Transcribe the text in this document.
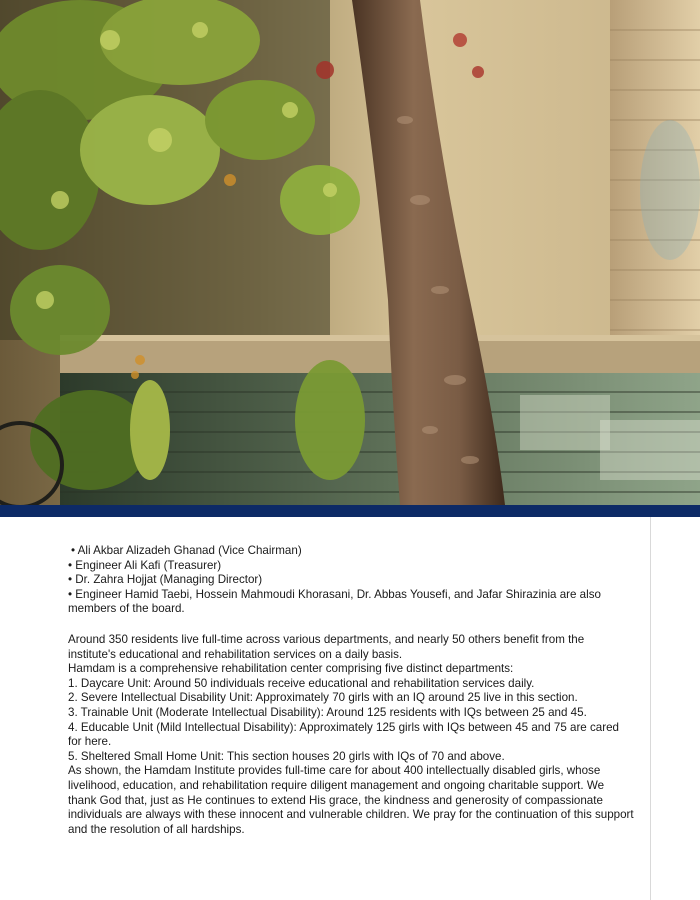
• Ali Akbar Alizadeh Ghanad (Vice Chairman)

• Engineer Ali Kafi (Treasurer)

• Dr. Zahra Hojjat (Managing Director)

• Engineer Hamid Taebi, Hossein Mahmoudi Khorasani, Dr. Abbas Yousefi, and Jafar Shirazinia are also members of the board.

Around 350 residents live full-time across various departments, and nearly 50 others benefit from the institute's educational and rehabilitation services on a daily basis.

Hamdam is a comprehensive rehabilitation center comprising five distinct departments:

1. Daycare Unit: Around 50 individuals receive educational and rehabilitation services daily.

2. Severe Intellectual Disability Unit: Approximately 70 girls with an IQ around 25 live in this section.

3. Trainable Unit (Moderate Intellectual Disability): Around 125 residents with IQs between 25 and 45.

4. Educable Unit (Mild Intellectual Disability): Approximately 125 girls with IQs between 45 and 75 are cared for here.

5. Sheltered Small Home Unit: This section houses 20 girls with IQs of 70 and above.

As shown, the Hamdam Institute provides full-time care for about 400 intellectually disabled girls, whose livelihood, education, and rehabilitation require diligent management and ongoing charitable support. We thank God that, just as He continues to extend His grace, the kindness and generosity of compassionate individuals are always with these innocent and vulnerable children. We pray for the continuation of this support and the resolution of all hardships.
